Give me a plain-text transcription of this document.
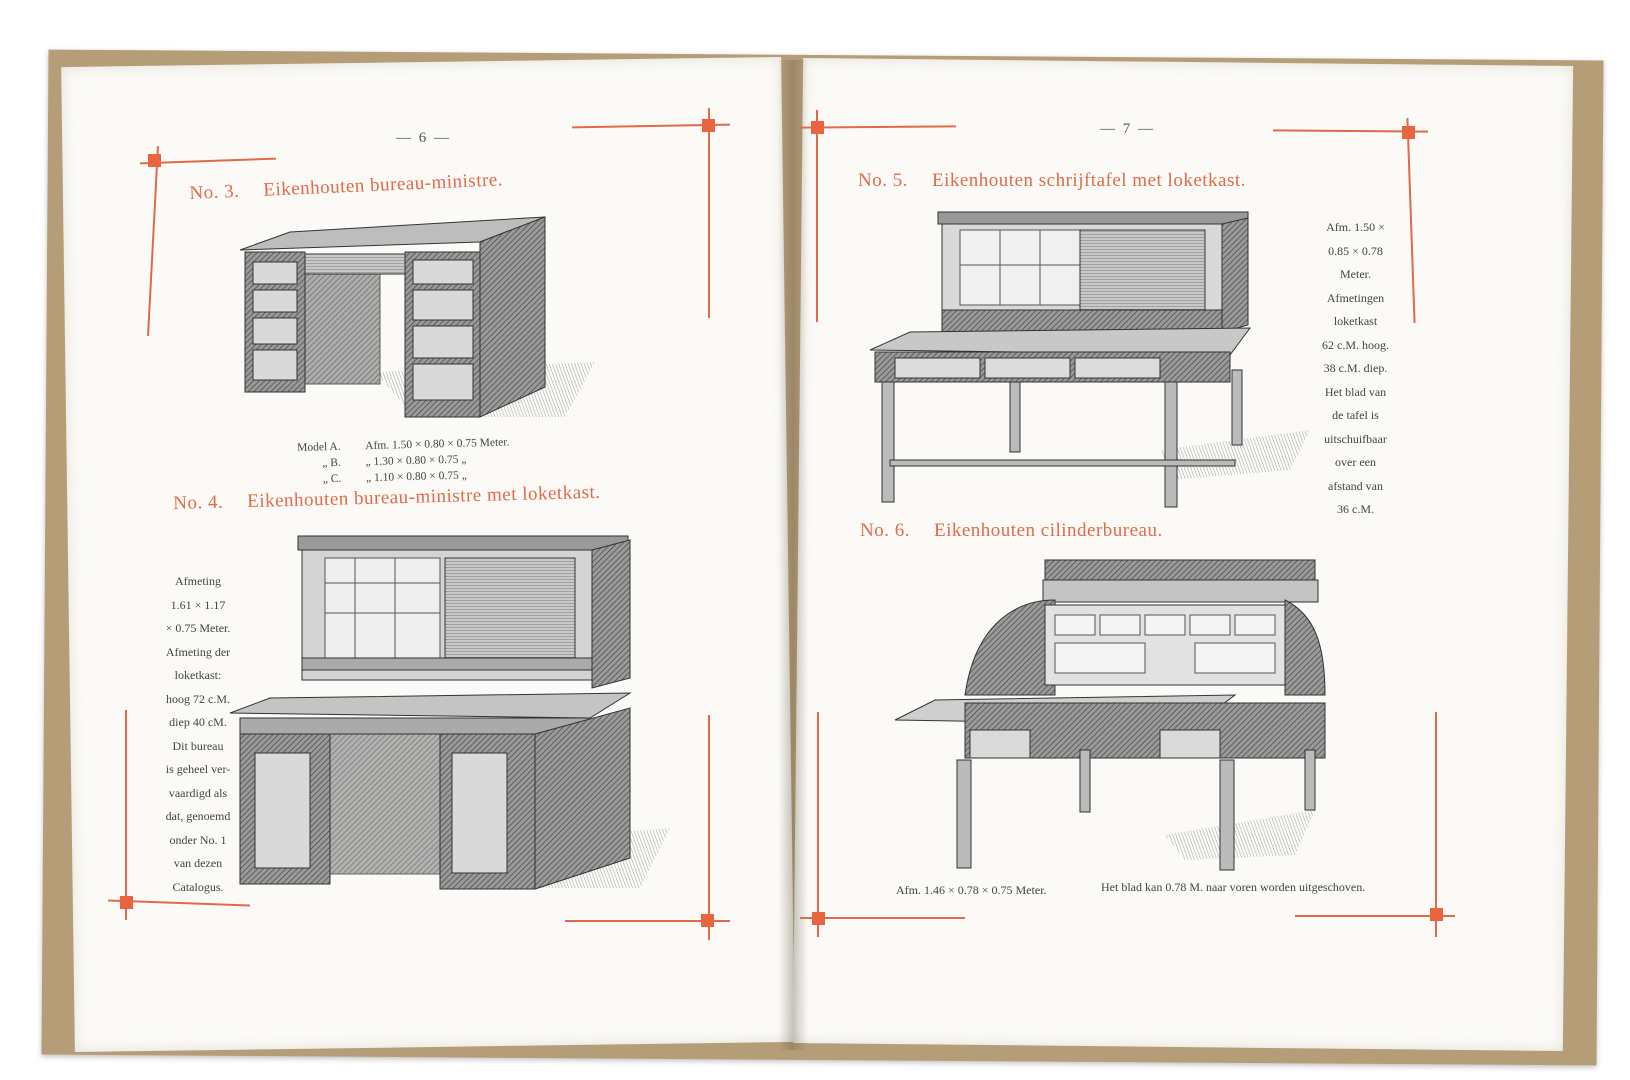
— 6 —
No. 3. Eikenhouten bureau-ministre.
Model A. Afm. 1.50 × 0.80 × 0.75 Meter.
„ B. „ 1.30 × 0.80 × 0.75 „
„ C. „ 1.10 × 0.80 × 0.75 „
No. 4. Eikenhouten bureau-ministre met loketkast.
Afmeting
1.61 × 1.17
× 0.75 Meter.
Afmeting der
loketkast:
hoog 72 c.M.
diep 40 cM.
Dit bureau
is geheel ver-
vaardigd als
dat, genoemd
onder No. 1
van dezen
Catalogus.
— 7 —
No. 5. Eikenhouten schrijftafel met loketkast.
Afm. 1.50 ×
0.85 × 0.78
Meter.
Afmetingen
loketkast
62 c.M. hoog.
38 c.M. diep.
Het blad van
de tafel is
uitschuifbaar
over een
afstand van
36 c.M.
No. 6. Eikenhouten cilinderbureau.
Afm. 1.46 × 0.78 × 0.75 Meter.	Het blad kan 0.78 M. naar voren worden uitgeschoven.
